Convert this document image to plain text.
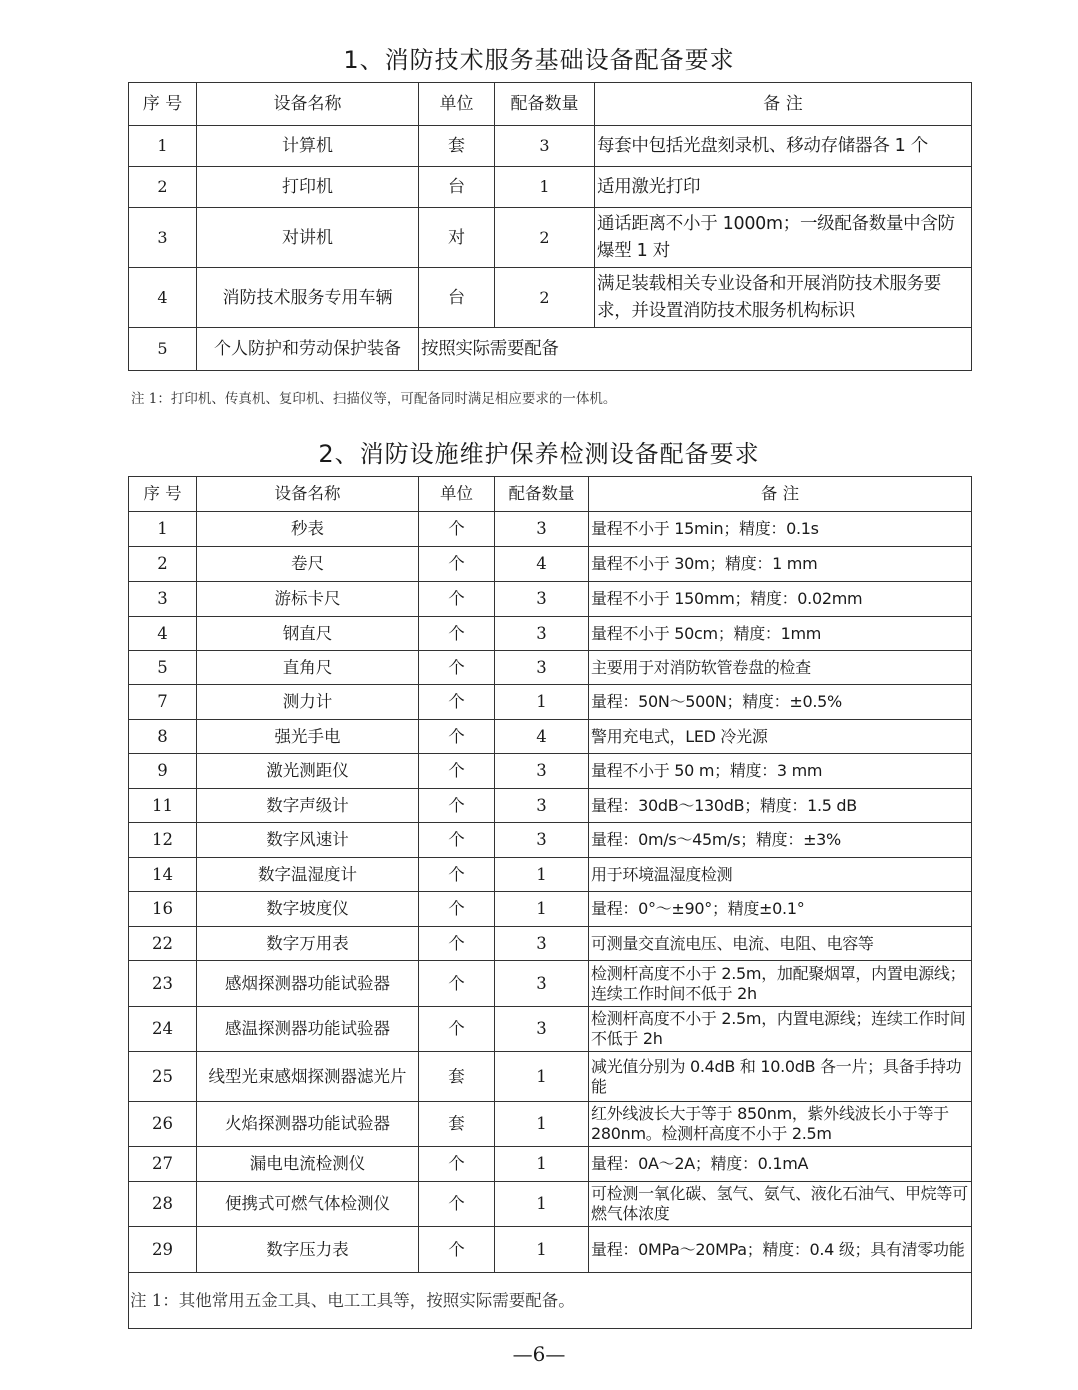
1、消防技术服务基础设备配备要求
序 号	设备名称	单位	配备数量	备 注
1	计算机	套	3	每套中包括光盘刻录机、移动存储器各 1 个
2	打印机	台	1	适用激光打印
3	对讲机	对	2	通话距离不小于 1000m；一级配备数量中含防爆型 1 对
4	消防技术服务专用车辆	台	2	满足装载相关专业设备和开展消防技术服务要求，并设置消防技术服务机构标识
5	个人防护和劳动保护装备	按照实际需要配备		
注 1：打印机、传真机、复印机、扫描仪等，可配备同时满足相应要求的一体机。
2、消防设施维护保养检测设备配备要求
序 号	设备名称	单位	配备数量	备 注
1	秒表	个	3	量程不小于 15min；精度：0.1s
2	卷尺	个	4	量程不小于 30m；精度：1 mm
3	游标卡尺	个	3	量程不小于 150mm；精度：0.02mm
4	钢直尺	个	3	量程不小于 50cm；精度：1mm
5	直角尺	个	3	主要用于对消防软管卷盘的检查
7	测力计	个	1	量程：50N～500N；精度：±0.5%
8	强光手电	个	4	警用充电式，LED 冷光源
9	激光测距仪	个	3	量程不小于 50 m；精度：3 mm
11	数字声级计	个	3	量程：30dB～130dB；精度：1.5 dB
12	数字风速计	个	3	量程：0m/s～45m/s；精度：±3%
14	数字温湿度计	个	1	用于环境温湿度检测
16	数字坡度仪	个	1	量程：0°～±90°；精度±0.1°
22	数字万用表	个	3	可测量交直流电压、电流、电阻、电容等
23	感烟探测器功能试验器	个	3	检测杆高度不小于 2.5m，加配聚烟罩，内置电源线；连续工作时间不低于 2h
24	感温探测器功能试验器	个	3	检测杆高度不小于 2.5m，内置电源线；连续工作时间不低于 2h
25	线型光束感烟探测器滤光片	套	1	减光值分别为 0.4dB 和 10.0dB 各一片；具备手持功能
26	火焰探测器功能试验器	套	1	红外线波长大于等于 850nm，紫外线波长小于等于 280nm。检测杆高度不小于 2.5m
27	漏电电流检测仪	个	1	量程：0A～2A；精度：0.1mA
28	便携式可燃气体检测仪	个	1	可检测一氧化碳、氢气、氨气、液化石油气、甲烷等可燃气体浓度
29	数字压力表	个	1	量程：0MPa～20MPa；精度：0.4 级；具有清零功能
注 1：其他常用五金工具、电工工具等，按照实际需要配备。				
—6—
